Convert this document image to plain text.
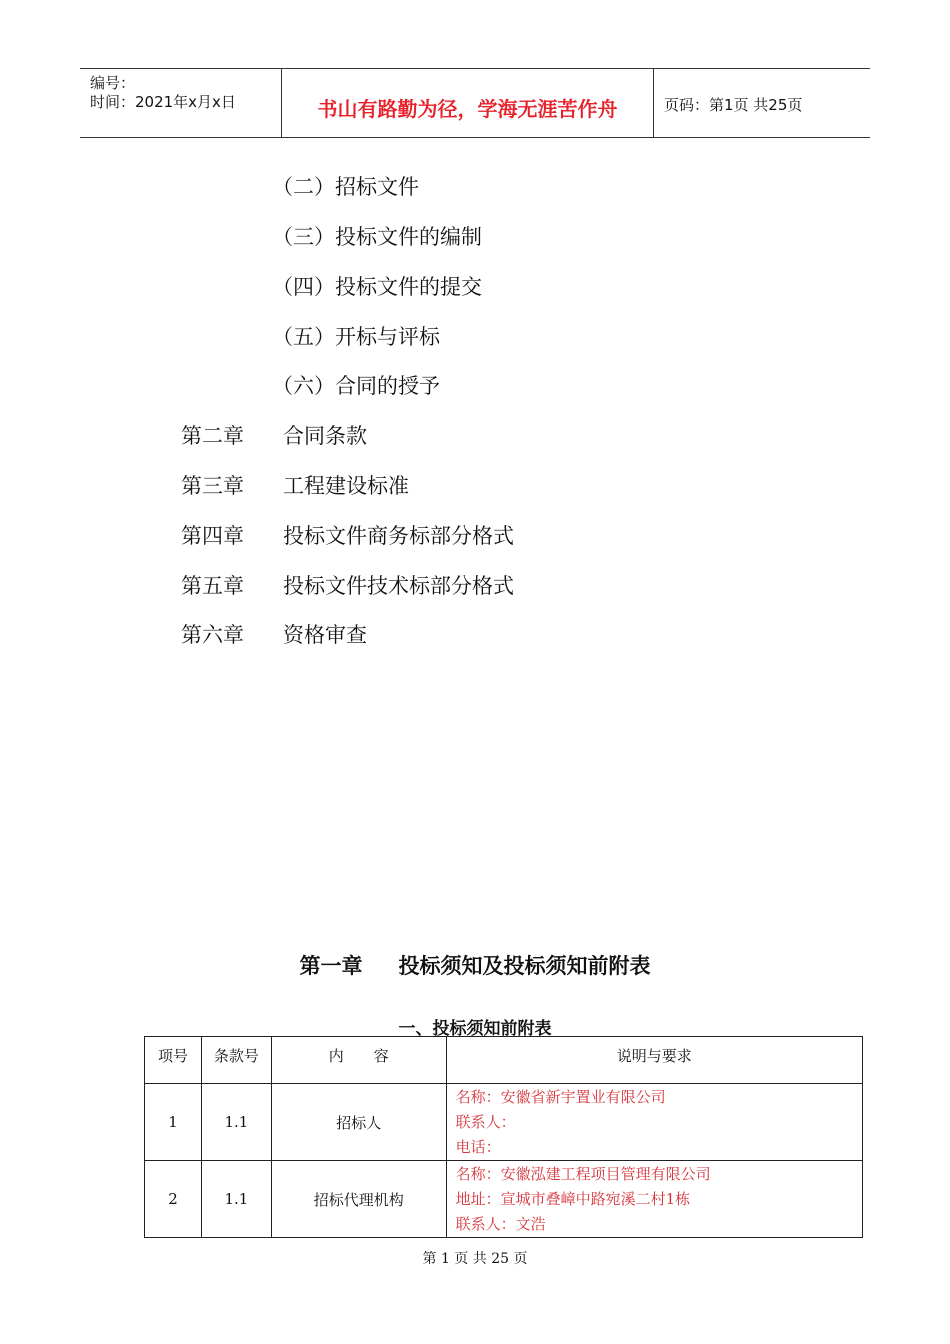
编号：
时间：2021年x月x日	书山有路勤为径，学海无涯苦作舟	页码：第1页 共25页
（二）招标文件
（三）投标文件的编制
（四）投标文件的提交
（五）开标与评标
（六）合同的授予
第二章 合同条款
第三章 工程建设标准
第四章 投标文件商务标部分格式
第五章 投标文件技术标部分格式
第六章 资格审查
第一章 投标须知及投标须知前附表
一、投标须知前附表
项号	条款号	内　　容	说明与要求
1	1.1	招标人	名称：安徽省新宇置业有限公司
联系人：
电话：

2	1.1	招标代理机构	名称：安徽泓建工程项目管理有限公司
地址：宣城市叠嶂中路宛溪二村1栋
联系人：文浩
第 1 页 共 25 页
